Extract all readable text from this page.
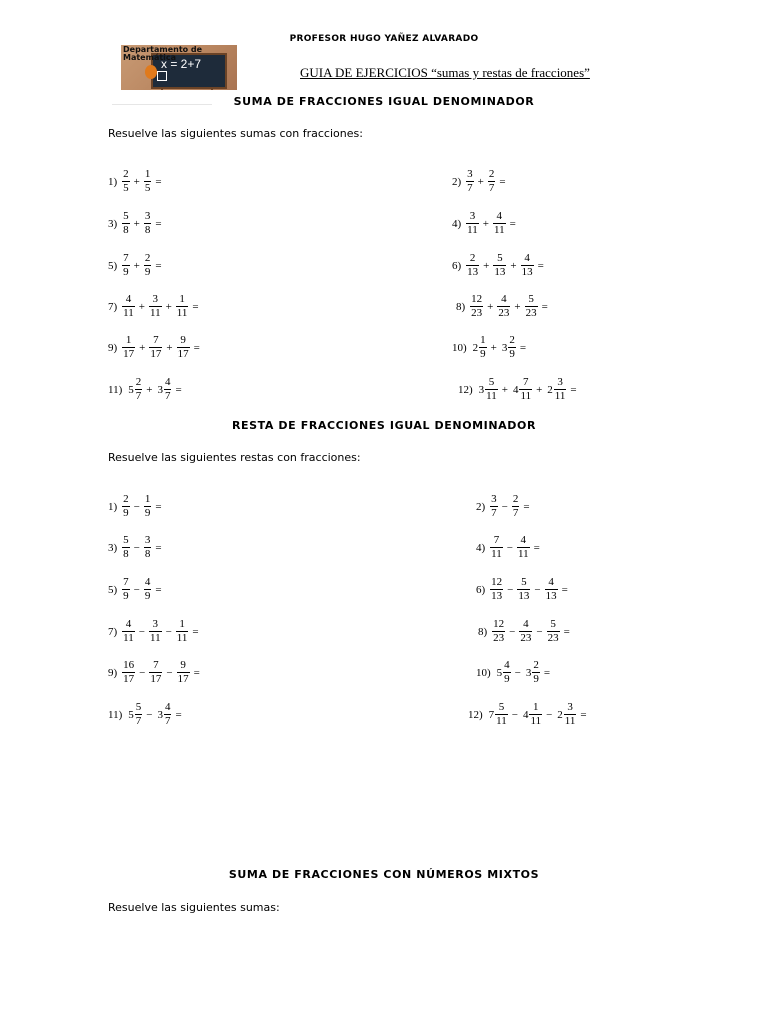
PROFESOR HUGO YAÑEZ ALVARADO
x = 2+7
Departamento de Matemática
GUIA DE EJERCICIOS “sumas y restas de fracciones”
SUMA DE FRACCIONES IGUAL DENOMINADOR
Resuelve las siguientes sumas con fracciones:
$1) \frac{2}{5} + \frac{1}{5}$ =	$2) \frac{3}{7} + \frac{2}{7}$ =
$3) \frac{5}{8} + \frac{3}{8}$ =	$4) \frac{3}{11} + \frac{4}{11}$ =
$5) \frac{7}{9} + \frac{2}{9}$ =	$6) \frac{2}{13} + \frac{5}{13} + \frac{4}{13}$ =
$7) \frac{4}{11} + \frac{3}{11} + \frac{1}{11}$ =	$8) \frac{12}{23} + \frac{4}{23} + \frac{5}{23}$ =
$9) \frac{1}{17} + \frac{7}{17} + \frac{9}{17}$ =	10) $2 \frac{1}{9} + 3 \frac{2}{9}$ =
11) $5 \frac{2}{7} + 3 \frac{4}{7}$ =	12) $3 \frac{5}{11} + 4 \frac{7}{11} + 2 \frac{3}{11}$ =
RESTA DE FRACCIONES IGUAL DENOMINADOR
Resuelve las siguientes restas con fracciones:
$1) \frac{2}{9} - \frac{1}{9}$ =	$2) \frac{3}{7} - \frac{2}{7}$ =
$3) \frac{5}{8} - \frac{3}{8}$ =	$4) \frac{7}{11} - \frac{4}{11}$ =
$5) \frac{7}{9} - \frac{4}{9}$ =	$6) \frac{12}{13} - \frac{5}{13} - \frac{4}{13}$ =
$7) \frac{4}{11} - \frac{3}{11} - \frac{1}{11}$ =	$8) \frac{12}{23} - \frac{4}{23} - \frac{5}{23}$ =
$9) \frac{16}{17} - \frac{7}{17} - \frac{9}{17}$ =	10) $5 \frac{4}{9} - 3 \frac{2}{9}$ =
11) $5 \frac{5}{7} - 3 \frac{4}{7}$ =	12) $7 \frac{5}{11} - 4 \frac{1}{11} - 2 \frac{3}{11}$ =
SUMA DE FRACCIONES CON NÚMEROS MIXTOS
Resuelve las siguientes sumas:
